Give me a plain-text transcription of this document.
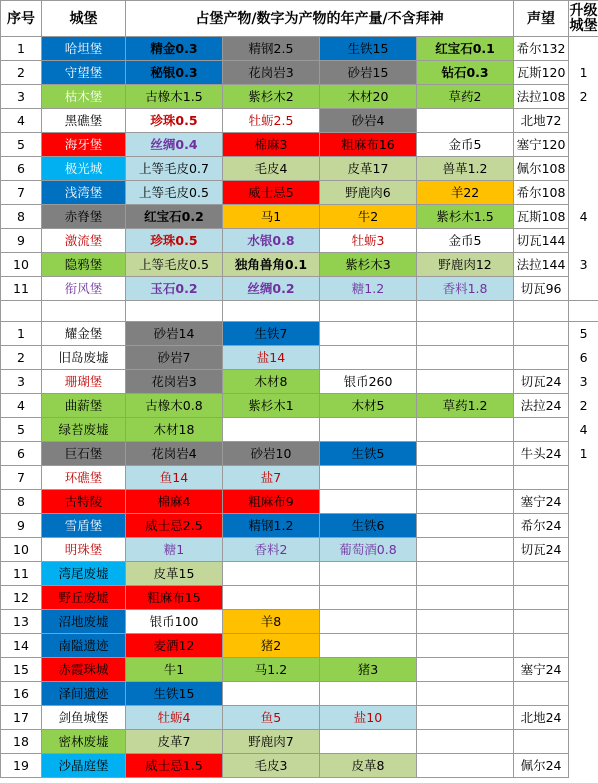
序号	城堡	占堡产物/数字为产物的年产量/不含拜神				声望	升级城堡
1	哈坦堡	精金0.3	精钢2.5	生铁15	红宝石0.1	希尔132	
2	守望堡	秘银0.3	花岗岩3	砂岩15	钻石0.3	瓦斯120	1
3	枯木堡	古橡木1.5	紫杉木2	木材20	草药2	法拉108	2
4	黑礁堡	珍珠0.5	牡蛎2.5	砂岩4		北地72	
5	海牙堡	丝绸0.4	棉麻3	粗麻布16	金币5	塞宁120	
6	极光城	上等毛皮0.7	毛皮4	皮革17	兽革1.2	佩尔108	
7	浅湾堡	上等毛皮0.5	威士忌5	野鹿肉6	羊22	希尔108	
8	赤脊堡	红宝石0.2	马1	牛2	紫杉木1.5	瓦斯108	4
9	激流堡	珍珠0.5	水银0.8	牡蛎3	金币5	切瓦144	
10	隐鸦堡	上等毛皮0.5	独角兽角0.1	紫杉木3	野鹿肉12	法拉144	3
11	衔风堡	玉石0.2	丝绸0.2	糖1.2	香料1.8	切瓦96	

1	耀金堡	砂岩14	生铁7				5
2	旧岛废墟	砂岩7	盐14				6
3	珊瑚堡	花岗岩3	木材8	银币260		切瓦24	3
4	曲薪堡	古橡木0.8	紫杉木1	木材5	草药1.2	法拉24	2
5	绿苔废墟	木材18					4
6	巨石堡	花岗岩4	砂岩10	生铁5		牛头24	1
7	环礁堡	鱼14	盐7				
8	古特陵	棉麻4	粗麻布9			塞宁24	
9	雪盾堡	威士忌2.5	精钢1.2	生铁6		希尔24	
10	明珠堡	糖1	香料2	葡萄酒0.8		切瓦24	
11	湾尾废墟	皮革15					
12	野丘废墟	粗麻布15					
13	沼地废墟	银币100	羊8				
14	南隘遗迹	麦酒12	猪2				
15	赤霞珠城	牛1	马1.2	猪3		塞宁24	
16	泽间遗迹	生铁15					
17	剑鱼城堡	牡蛎4	鱼5	盐10		北地24	
18	密林废墟	皮革7	野鹿肉7				
19	沙晶庭堡	威士忌1.5	毛皮3	皮革8		佩尔24	
